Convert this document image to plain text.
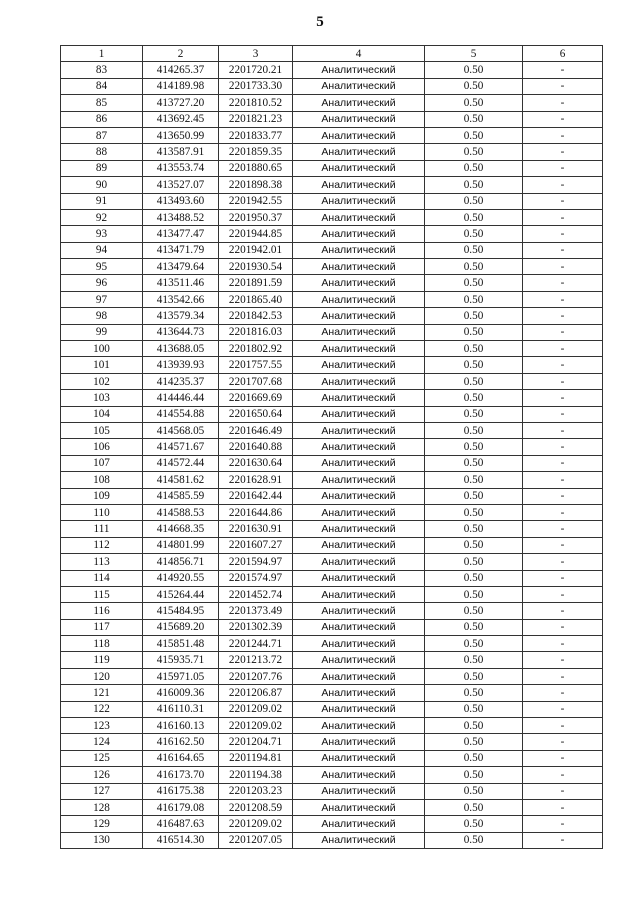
5
1	2	3	4	5	6
83	414265.37	2201720.21	Аналитический	0.50	-
84	414189.98	2201733.30	Аналитический	0.50	-
85	413727.20	2201810.52	Аналитический	0.50	-
86	413692.45	2201821.23	Аналитический	0.50	-
87	413650.99	2201833.77	Аналитический	0.50	-
88	413587.91	2201859.35	Аналитический	0.50	-
89	413553.74	2201880.65	Аналитический	0.50	-
90	413527.07	2201898.38	Аналитический	0.50	-
91	413493.60	2201942.55	Аналитический	0.50	-
92	413488.52	2201950.37	Аналитический	0.50	-
93	413477.47	2201944.85	Аналитический	0.50	-
94	413471.79	2201942.01	Аналитический	0.50	-
95	413479.64	2201930.54	Аналитический	0.50	-
96	413511.46	2201891.59	Аналитический	0.50	-
97	413542.66	2201865.40	Аналитический	0.50	-
98	413579.34	2201842.53	Аналитический	0.50	-
99	413644.73	2201816.03	Аналитический	0.50	-
100	413688.05	2201802.92	Аналитический	0.50	-
101	413939.93	2201757.55	Аналитический	0.50	-
102	414235.37	2201707.68	Аналитический	0.50	-
103	414446.44	2201669.69	Аналитический	0.50	-
104	414554.88	2201650.64	Аналитический	0.50	-
105	414568.05	2201646.49	Аналитический	0.50	-
106	414571.67	2201640.88	Аналитический	0.50	-
107	414572.44	2201630.64	Аналитический	0.50	-
108	414581.62	2201628.91	Аналитический	0.50	-
109	414585.59	2201642.44	Аналитический	0.50	-
110	414588.53	2201644.86	Аналитический	0.50	-
111	414668.35	2201630.91	Аналитический	0.50	-
112	414801.99	2201607.27	Аналитический	0.50	-
113	414856.71	2201594.97	Аналитический	0.50	-
114	414920.55	2201574.97	Аналитический	0.50	-
115	415264.44	2201452.74	Аналитический	0.50	-
116	415484.95	2201373.49	Аналитический	0.50	-
117	415689.20	2201302.39	Аналитический	0.50	-
118	415851.48	2201244.71	Аналитический	0.50	-
119	415935.71	2201213.72	Аналитический	0.50	-
120	415971.05	2201207.76	Аналитический	0.50	-
121	416009.36	2201206.87	Аналитический	0.50	-
122	416110.31	2201209.02	Аналитический	0.50	-
123	416160.13	2201209.02	Аналитический	0.50	-
124	416162.50	2201204.71	Аналитический	0.50	-
125	416164.65	2201194.81	Аналитический	0.50	-
126	416173.70	2201194.38	Аналитический	0.50	-
127	416175.38	2201203.23	Аналитический	0.50	-
128	416179.08	2201208.59	Аналитический	0.50	-
129	416487.63	2201209.02	Аналитический	0.50	-
130	416514.30	2201207.05	Аналитический	0.50	-
